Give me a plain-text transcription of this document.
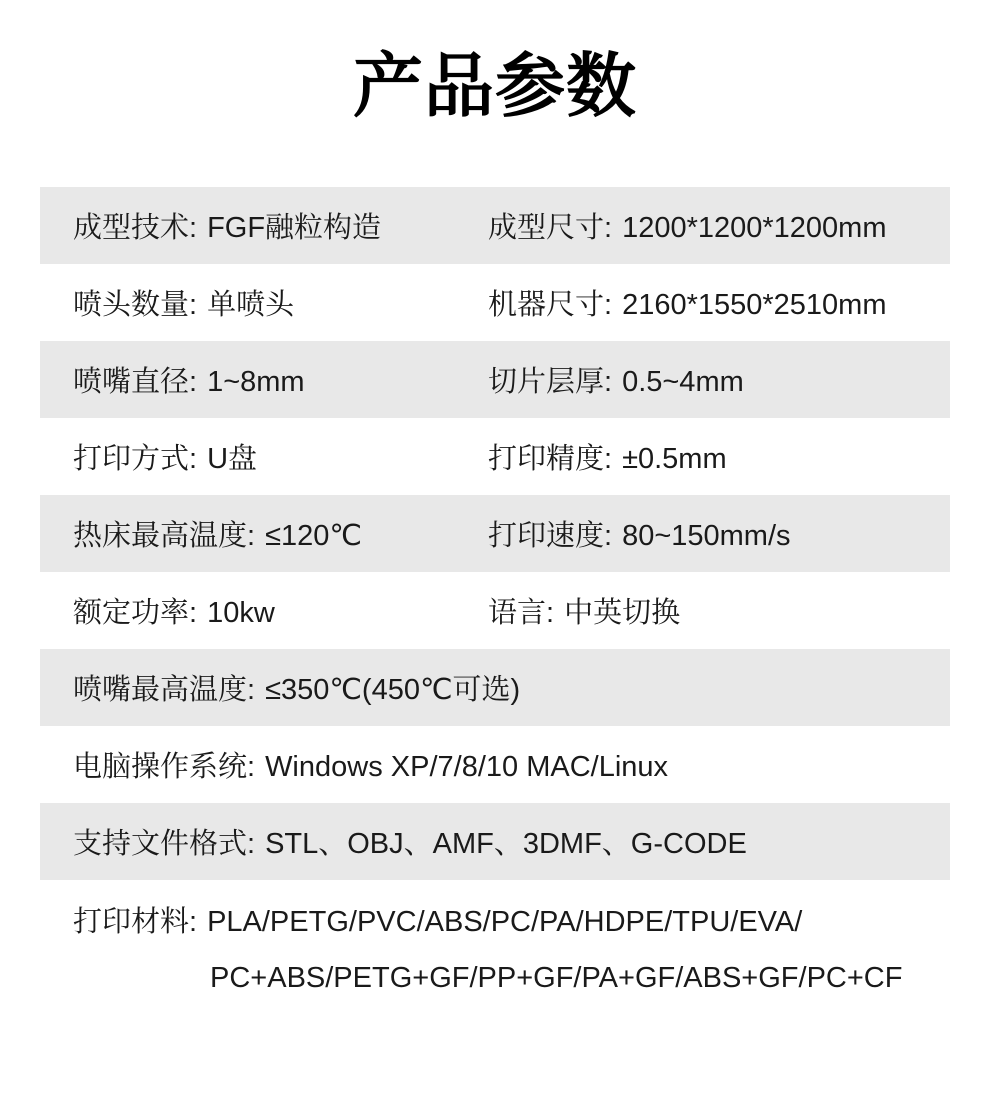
产品参数
成型技术: FGF融粒构造	成型尺寸: 1200*1200*1200mm
喷头数量: 单喷头	机器尺寸: 2160*1550*2510mm
喷嘴直径: 1~8mm	切片层厚: 0.5~4mm
打印方式: U盘	打印精度: ±0.5mm
热床最高温度: ≤120℃	打印速度: 80~150mm/s
额定功率: 10kw	语言: 中英切换
喷嘴最高温度: ≤350℃(450℃可选)
电脑操作系统: Windows XP/7/8/10 MAC/Linux
支持文件格式: STL、OBJ、AMF、3DMF、G-CODE
打印材料: PLA/PETG/PVC/ABS/PC/PA/HDPE/TPU/EVA/
PC+ABS/PETG+GF/PP+GF/PA+GF/ABS+GF/PC+CF
